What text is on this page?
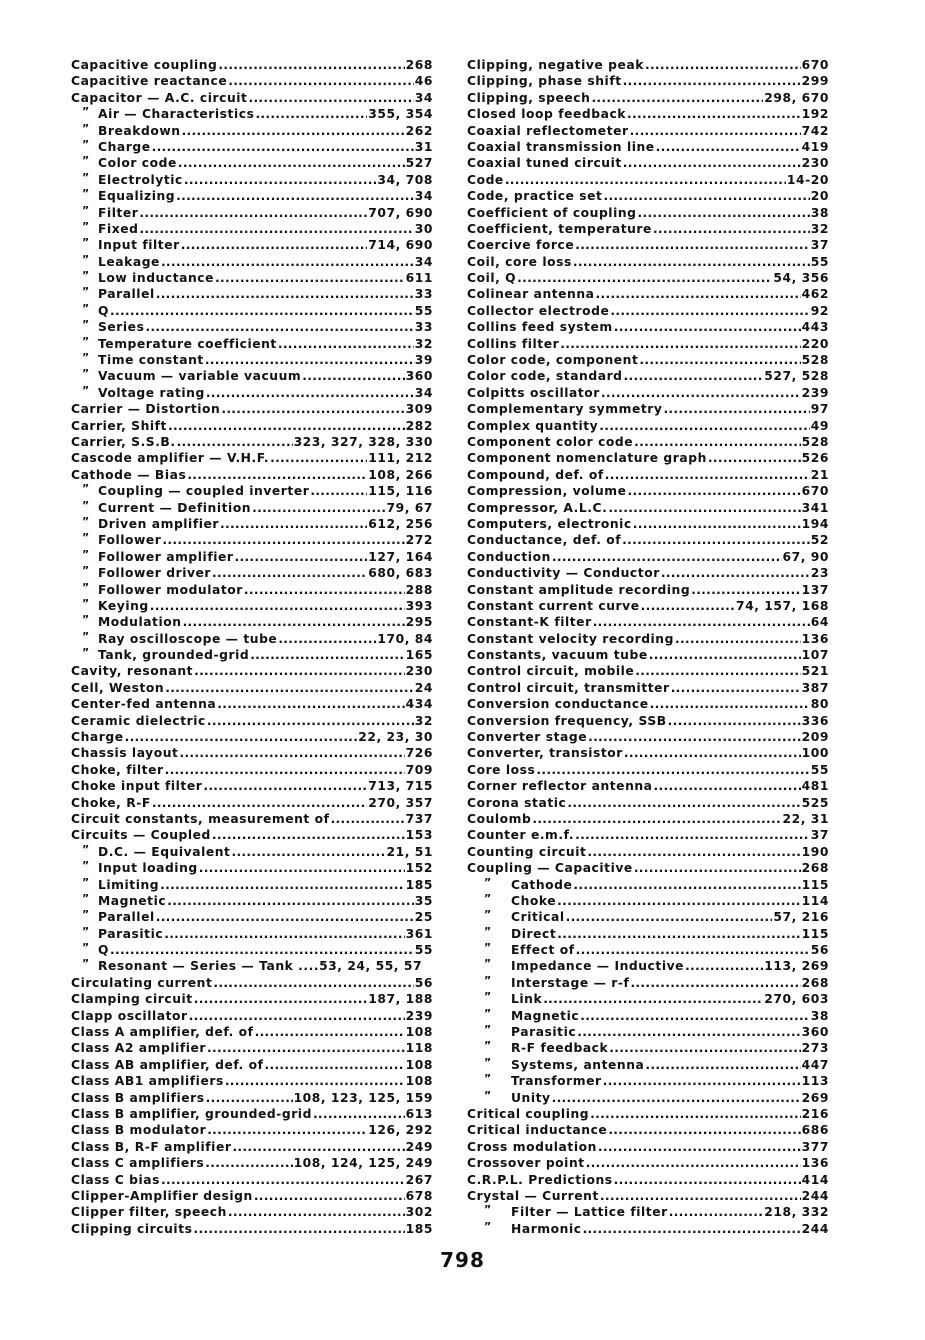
Capacitive coupling .....	268
Capacitive reactance .....	46
Capacitor — A.C. circuit .....	34
” Air — Characteristics .....	355, 354
” Breakdown .....	262
” Charge .....	31
” Color code .....	527
” Electrolytic .....	34, 708
” Equalizing .....	34
” Filter .....	707, 690
” Fixed .....	30
” Input filter .....	714, 690
” Leakage .....	34
” Low inductance .....	611
” Parallel .....	33
” Q .....	55
” Series .....	33
” Temperature coefficient .....	32
” Time constant .....	39
” Vacuum — variable vacuum .....	360
” Voltage rating .....	34
Carrier — Distortion .....	309
Carrier, Shift .....	282
Carrier, S.S.B. .....	323, 327, 328, 330
Cascode amplifier — V.H.F. .....	111, 212
Cathode — Bias .....	108, 266
” Coupling — coupled inverter .....	115, 116
” Current — Definition .....	79, 67
” Driven amplifier .....	612, 256
” Follower .....	272
” Follower amplifier .....	127, 164
” Follower driver .....	680, 683
” Follower modulator .....	288
” Keying .....	393
” Modulation .....	295
” Ray oscilloscope — tube .....	170, 84
” Tank, grounded-grid .....	165
Cavity, resonant .....	230
Cell, Weston .....	24
Center-fed antenna .....	434
Ceramic dielectric .....	32
Charge .....	22, 23, 30
Chassis layout .....	726
Choke, filter .....	709
Choke input filter .....	713, 715
Choke, R-F .....	270, 357
Circuit constants, measurement of .....	737
Circuits — Coupled .....	153
” D.C. — Equivalent .....	21, 51
” Input loading .....	152
” Limiting .....	185
” Magnetic .....	35
” Parallel .....	25
” Parasitic .....	361
” Q .....	55
” Resonant — Series — Tank ....53, 24, 55, 57
Circulating current .....	56
Clamping circuit .....	187, 188
Clapp oscillator .....	239
Class A amplifier, def. of .....	108
Class A2 amplifier .....	118
Class AB amplifier, def. of .....	108
Class AB1 amplifiers .....	108
Class B amplifiers .....	108, 123, 125, 159
Class B amplifier, grounded-grid .....	613
Class B modulator .....	126, 292
Class B, R-F amplifier .....	249
Class C amplifiers .....	108, 124, 125, 249
Class C bias .....	267
Clipper-Amplifier design .....	678
Clipper filter, speech .....	302
Clipping circuits .....	185
Clipping, negative peak .....	670
Clipping, phase shift .....	299
Clipping, speech .....	298, 670
Closed loop feedback .....	192
Coaxial reflectometer .....	742
Coaxial transmission line .....	419
Coaxial tuned circuit .....	230
Code .....	14-20
Code, practice set .....	20
Coefficient of coupling .....	38
Coefficient, temperature .....	32
Coercive force .....	37
Coil, core loss .....	55
Coil, Q .....	54, 356
Colinear antenna .....	462
Collector electrode .....	92
Collins feed system .....	443
Collins filter .....	220
Color code, component .....	528
Color code, standard .....	527, 528
Colpitts oscillator .....	239
Complementary symmetry .....	97
Complex quantity .....	49
Component color code .....	528
Component nomenclature graph .....	526
Compound, def. of .....	21
Compression, volume .....	670
Compressor, A.L.C. .....	341
Computers, electronic .....	194
Conductance, def. of .....	52
Conduction .....	67, 90
Conductivity — Conductor .....	23
Constant amplitude recording .....	137
Constant current curve .....	74, 157, 168
Constant-K filter .....	64
Constant velocity recording .....	136
Constants, vacuum tube .....	107
Control circuit, mobile .....	521
Control circuit, transmitter .....	387
Conversion conductance .....	80
Conversion frequency, SSB .....	336
Converter stage .....	209
Converter, transistor .....	100
Core loss .....	55
Corner reflector antenna .....	481
Corona static .....	525
Coulomb .....	22, 31
Counter e.m.f. .....	37
Counting circuit .....	190
Coupling — Capacitive .....	268
” Cathode .....	115
” Choke .....	114
” Critical .....	57, 216
” Direct .....	115
” Effect of .....	56
” Impedance — Inductive .....	113, 269
” Interstage — r-f .....	268
” Link .....	270, 603
” Magnetic .....	38
” Parasitic .....	360
” R-F feedback .....	273
” Systems, antenna .....	447
” Transformer .....	113
” Unity .....	269
Critical coupling .....	216
Critical inductance .....	686
Cross modulation .....	377
Crossover point .....	136
C.R.P.L. Predictions .....	414
Crystal — Current .....	244
” Filter — Lattice filter .....	218, 332
” Harmonic .....	244
798
